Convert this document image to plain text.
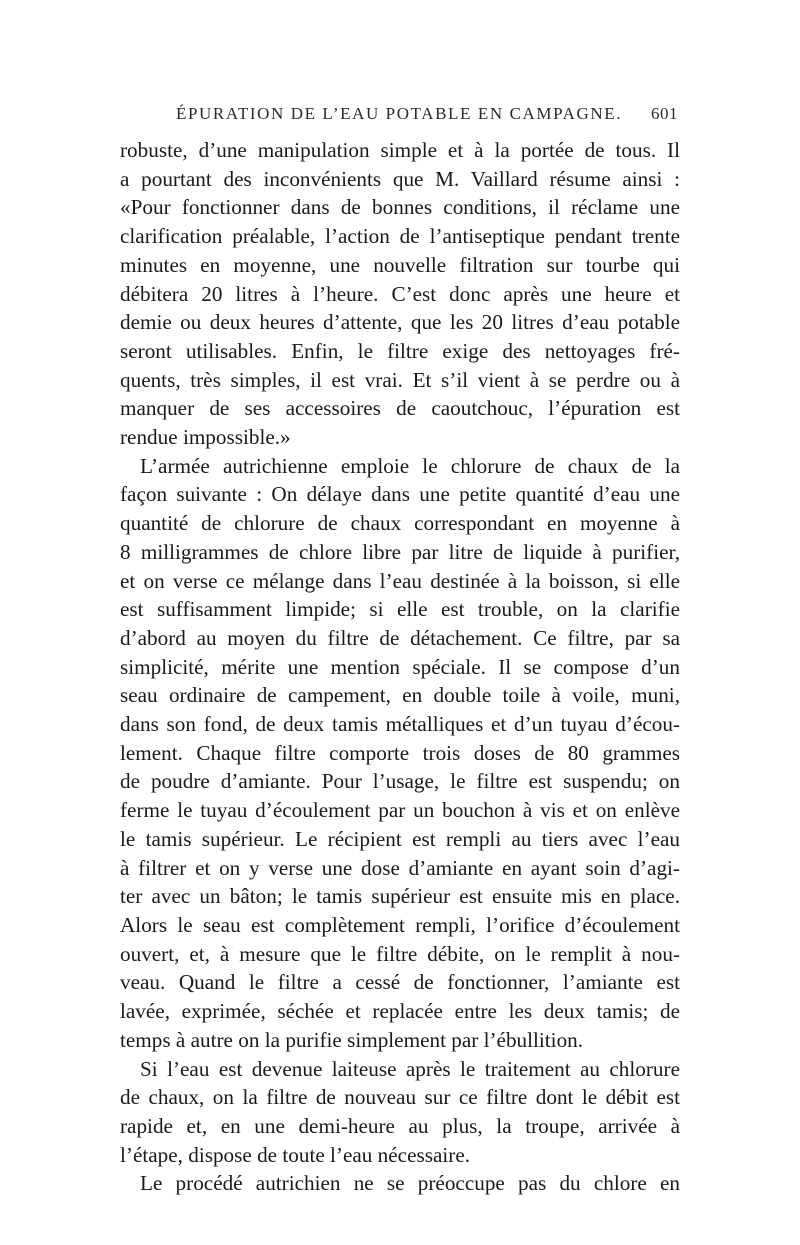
ÉPURATION DE L’EAU POTABLE EN CAMPAGNE. 601

robuste, d’une manipulation simple et à la portée de tous. Il
a pourtant des inconvénients que M. Vaillard résume ainsi :
«Pour fonctionner dans de bonnes conditions, il réclame une
clarification préalable, l’action de l’antiseptique pendant trente
minutes en moyenne, une nouvelle filtration sur tourbe qui
débitera 20 litres à l’heure. C’est donc après une heure et
demie ou deux heures d’attente, que les 20 litres d’eau potable
seront utilisables. Enfin, le filtre exige des nettoyages fré-
quents, très simples, il est vrai. Et s’il vient à se perdre ou à
manquer de ses accessoires de caoutchouc, l’épuration est
rendue impossible.»

L’armée autrichienne emploie le chlorure de chaux de la
façon suivante : On délaye dans une petite quantité d’eau une
quantité de chlorure de chaux correspondant en moyenne à
8 milligrammes de chlore libre par litre de liquide à purifier,
et on verse ce mélange dans l’eau destinée à la boisson, si elle
est suffisamment limpide; si elle est trouble, on la clarifie
d’abord au moyen du filtre de détachement. Ce filtre, par sa
simplicité, mérite une mention spéciale. Il se compose d’un
seau ordinaire de campement, en double toile à voile, muni,
dans son fond, de deux tamis métalliques et d’un tuyau d’écou-
lement. Chaque filtre comporte trois doses de 80 grammes
de poudre d’amiante. Pour l’usage, le filtre est suspendu; on
ferme le tuyau d’écoulement par un bouchon à vis et on enlève
le tamis supérieur. Le récipient est rempli au tiers avec l’eau
à filtrer et on y verse une dose d’amiante en ayant soin d’agi-
ter avec un bâton; le tamis supérieur est ensuite mis en place.
Alors le seau est complètement rempli, l’orifice d’écoulement
ouvert, et, à mesure que le filtre débite, on le remplit à nou-
veau. Quand le filtre a cessé de fonctionner, l’amiante est
lavée, exprimée, séchée et replacée entre les deux tamis; de
temps à autre on la purifie simplement par l’ébullition.

Si l’eau est devenue laiteuse après le traitement au chlorure
de chaux, on la filtre de nouveau sur ce filtre dont le débit est
rapide et, en une demi-heure au plus, la troupe, arrivée à
l’étape, dispose de toute l’eau nécessaire.

Le procédé autrichien ne se préoccupe pas du chlore en
